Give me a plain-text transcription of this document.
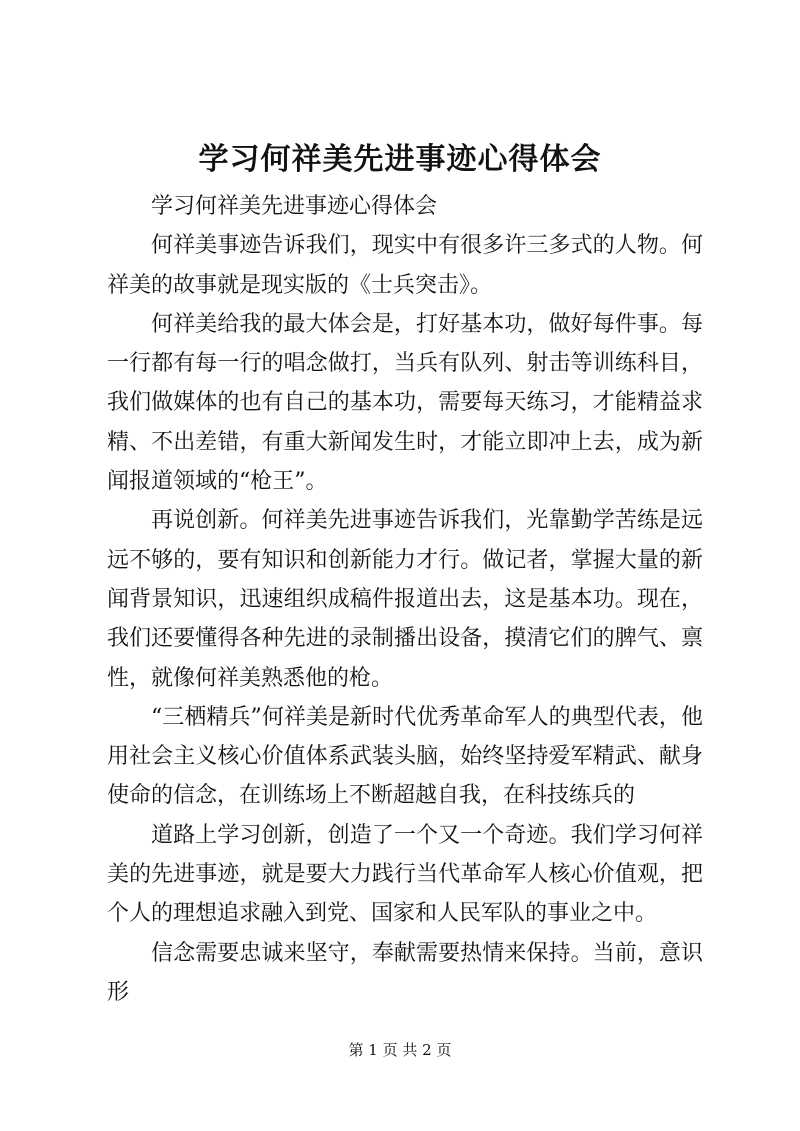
学习何祥美先进事迹心得体会

学习何祥美先进事迹心得体会

何祥美事迹告诉我们，现实中有很多许三多式的人物。何祥美的故事就是现实版的《士兵突击》。

何祥美给我的最大体会是，打好基本功，做好每件事。每一行都有每一行的唱念做打，当兵有队列、射击等训练科目，我们做媒体的也有自己的基本功，需要每天练习，才能精益求精、不出差错，有重大新闻发生时，才能立即冲上去，成为新闻报道领域的“枪王”。

再说创新。何祥美先进事迹告诉我们，光靠勤学苦练是远远不够的，要有知识和创新能力才行。做记者，掌握大量的新闻背景知识，迅速组织成稿件报道出去，这是基本功。现在，我们还要懂得各种先进的录制播出设备，摸清它们的脾气、禀性，就像何祥美熟悉他的枪。

“三栖精兵”何祥美是新时代优秀革命军人的典型代表，他用社会主义核心价值体系武装头脑，始终坚持爱军精武、献身使命的信念，在训练场上不断超越自我，在科技练兵的

道路上学习创新，创造了一个又一个奇迹。我们学习何祥美的先进事迹，就是要大力践行当代革命军人核心价值观，把个人的理想追求融入到党、国家和人民军队的事业之中。

信念需要忠诚来坚守，奉献需要热情来保持。当前，意识形

第 1 页 共 2 页
